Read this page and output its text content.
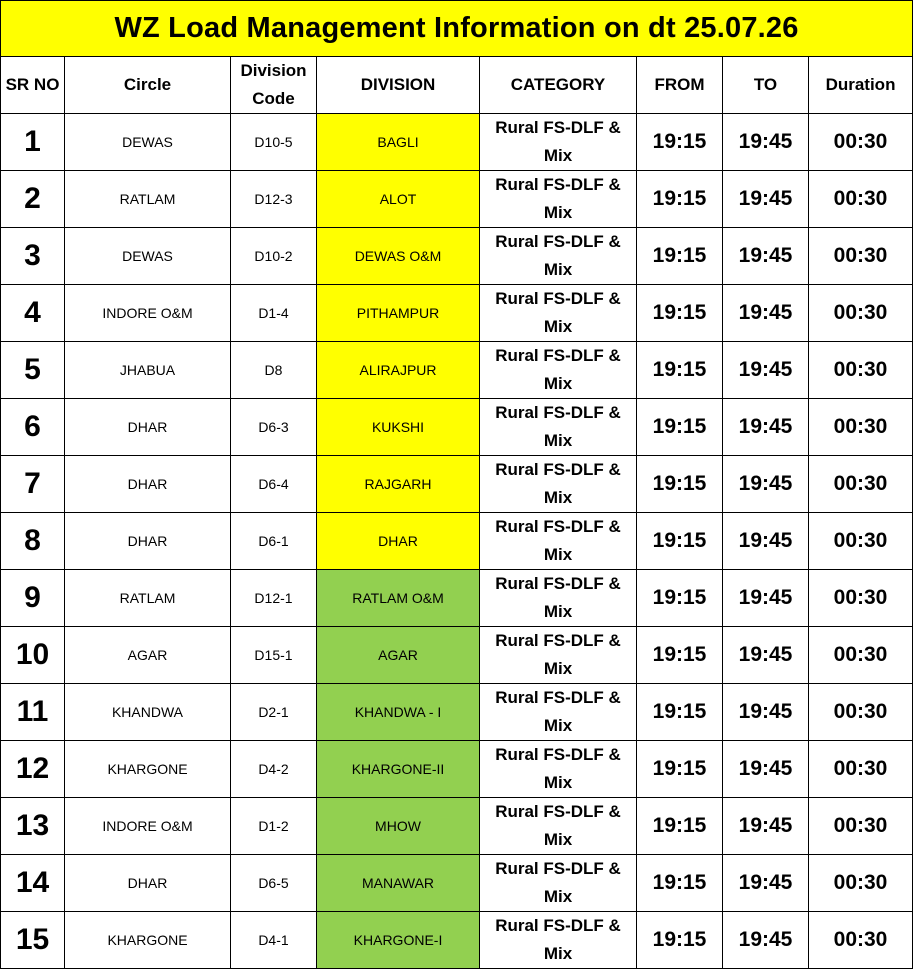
WZ Load Management Information on dt 25.07.26							
SR NO	Circle	Division Code	DIVISION	CATEGORY	FROM	TO	Duration
1	DEWAS	D10-5	BAGLI	Rural FS-DLF & Mix	19:15	19:45	00:30
2	RATLAM	D12-3	ALOT	Rural FS-DLF & Mix	19:15	19:45	00:30
3	DEWAS	D10-2	DEWAS O&M	Rural FS-DLF & Mix	19:15	19:45	00:30
4	INDORE O&M	D1-4	PITHAMPUR	Rural FS-DLF & Mix	19:15	19:45	00:30
5	JHABUA	D8	ALIRAJPUR	Rural FS-DLF & Mix	19:15	19:45	00:30
6	DHAR	D6-3	KUKSHI	Rural FS-DLF & Mix	19:15	19:45	00:30
7	DHAR	D6-4	RAJGARH	Rural FS-DLF & Mix	19:15	19:45	00:30
8	DHAR	D6-1	DHAR	Rural FS-DLF & Mix	19:15	19:45	00:30
9	RATLAM	D12-1	RATLAM O&M	Rural FS-DLF & Mix	19:15	19:45	00:30
10	AGAR	D15-1	AGAR	Rural FS-DLF & Mix	19:15	19:45	00:30
11	KHANDWA	D2-1	KHANDWA - I	Rural FS-DLF & Mix	19:15	19:45	00:30
12	KHARGONE	D4-2	KHARGONE-II	Rural FS-DLF & Mix	19:15	19:45	00:30
13	INDORE O&M	D1-2	MHOW	Rural FS-DLF & Mix	19:15	19:45	00:30
14	DHAR	D6-5	MANAWAR	Rural FS-DLF & Mix	19:15	19:45	00:30
15	KHARGONE	D4-1	KHARGONE-I	Rural FS-DLF & Mix	19:15	19:45	00:30
